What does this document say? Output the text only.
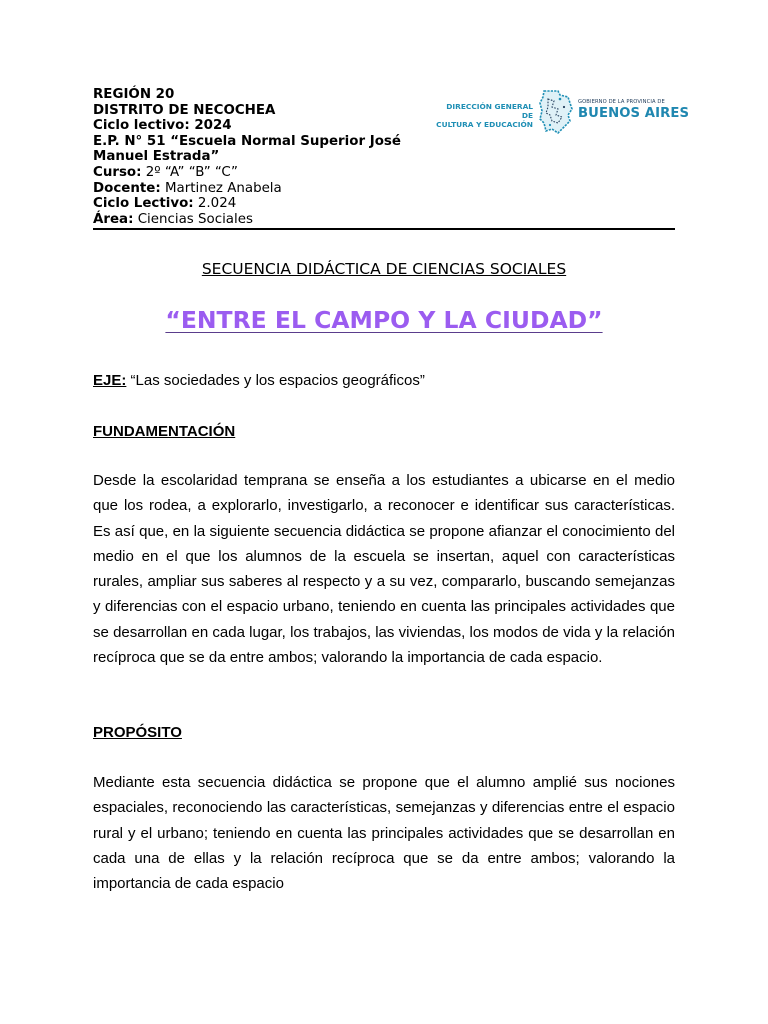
REGIÓN 20
DISTRITO DE NECOCHEA
Ciclo lectivo: 2024
E.P. N° 51 “Escuela Normal Superior José
Manuel Estrada”
Curso: 2º “A” “B” “C”
Docente: Martinez Anabela
Ciclo Lectivo: 2.024
Área: Ciencias Sociales
DIRECCIÓN GENERAL DE
CULTURA Y EDUCACIÓN
GOBIERNO DE LA PROVINCIA DE
BUENOS AIRES
SECUENCIA DIDÁCTICA DE CIENCIAS SOCIALES
“ENTRE EL CAMPO Y LA CIUDAD”
EJE: “Las sociedades y los espacios geográficos”
FUNDAMENTACIÓN
Desde la escolaridad temprana se enseña a los estudiantes a ubicarse en el medio que los rodea, a explorarlo, investigarlo, a reconocer e identificar sus características. Es así que, en la siguiente secuencia didáctica se propone afianzar el conocimiento del medio en el que los alumnos de la escuela se insertan, aquel con características rurales, ampliar sus saberes al respecto y a su vez, compararlo, buscando semejanzas y diferencias con el espacio urbano, teniendo en cuenta las principales actividades que se desarrollan en cada lugar, los trabajos, las viviendas, los modos de vida y la relación recíproca que se da entre ambos; valorando la importancia de cada espacio.
PROPÓSITO
Mediante esta secuencia didáctica se propone que el alumno amplié sus nociones espaciales, reconociendo las características, semejanzas y diferencias entre el espacio rural y el urbano; teniendo en cuenta las principales actividades que se desarrollan en cada una de ellas y la relación recíproca que se da entre ambos; valorando la importancia de cada espacio
